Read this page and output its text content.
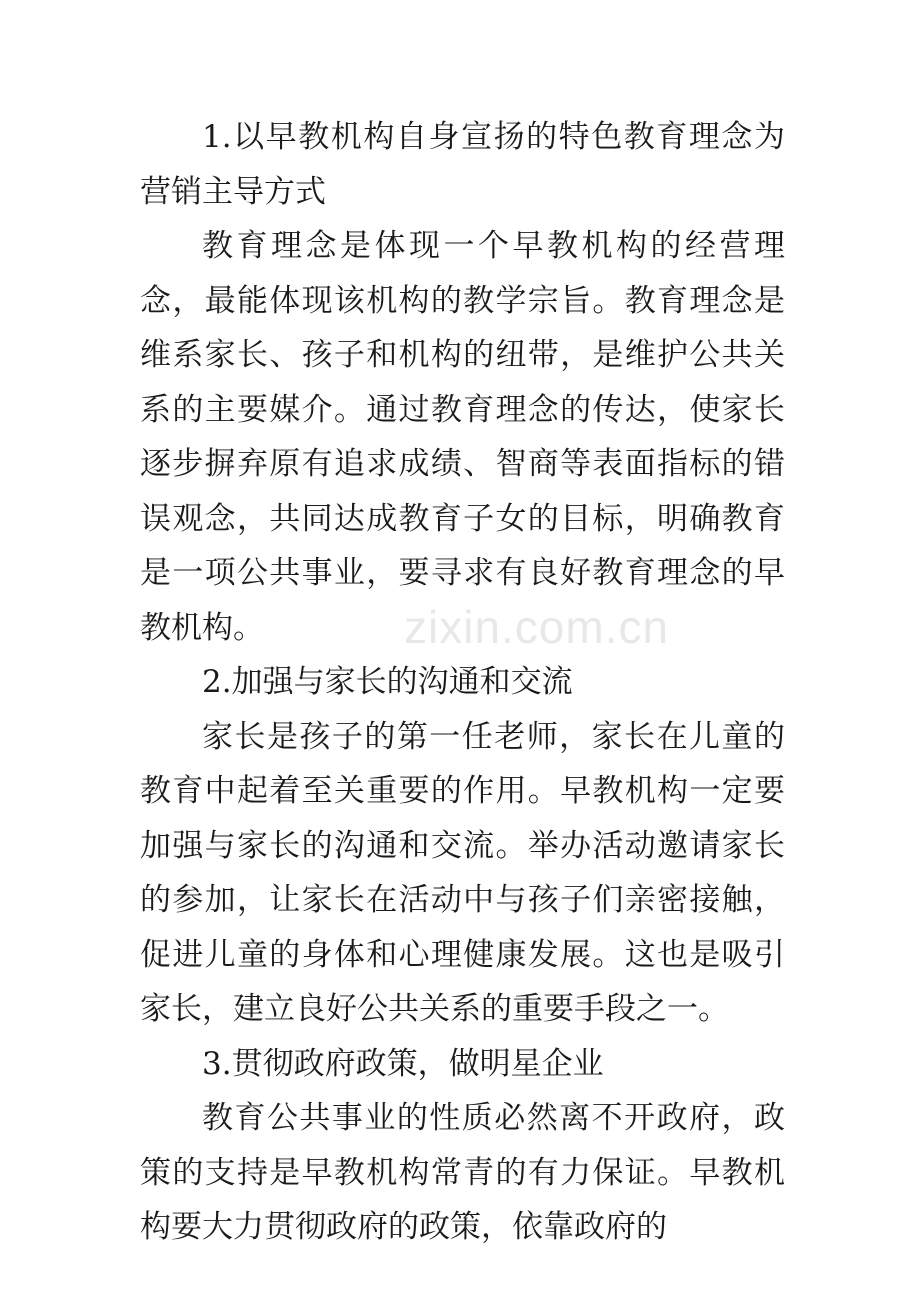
1.以早教机构自身宣扬的特色教育理念为营销主导方式

教育理念是体现一个早教机构的经营理念，最能体现该机构的教学宗旨。教育理念是维系家长、孩子和机构的纽带，是维护公共关系的主要媒介。通过教育理念的传达，使家长逐步摒弃原有追求成绩、智商等表面指标的错误观念，共同达成教育子女的目标，明确教育是一项公共事业，要寻求有良好教育理念的早教机构。

2.加强与家长的沟通和交流

家长是孩子的第一任老师，家长在儿童的教育中起着至关重要的作用。早教机构一定要加强与家长的沟通和交流。举办活动邀请家长的参加，让家长在活动中与孩子们亲密接触，促进儿童的身体和心理健康发展。这也是吸引家长，建立良好公共关系的重要手段之一。

3.贯彻政府政策，做明星企业

教育公共事业的性质必然离不开政府，政策的支持是早教机构常青的有力保证。早教机构要大力贯彻政府的政策，依靠政府的

zixin.com.cn
